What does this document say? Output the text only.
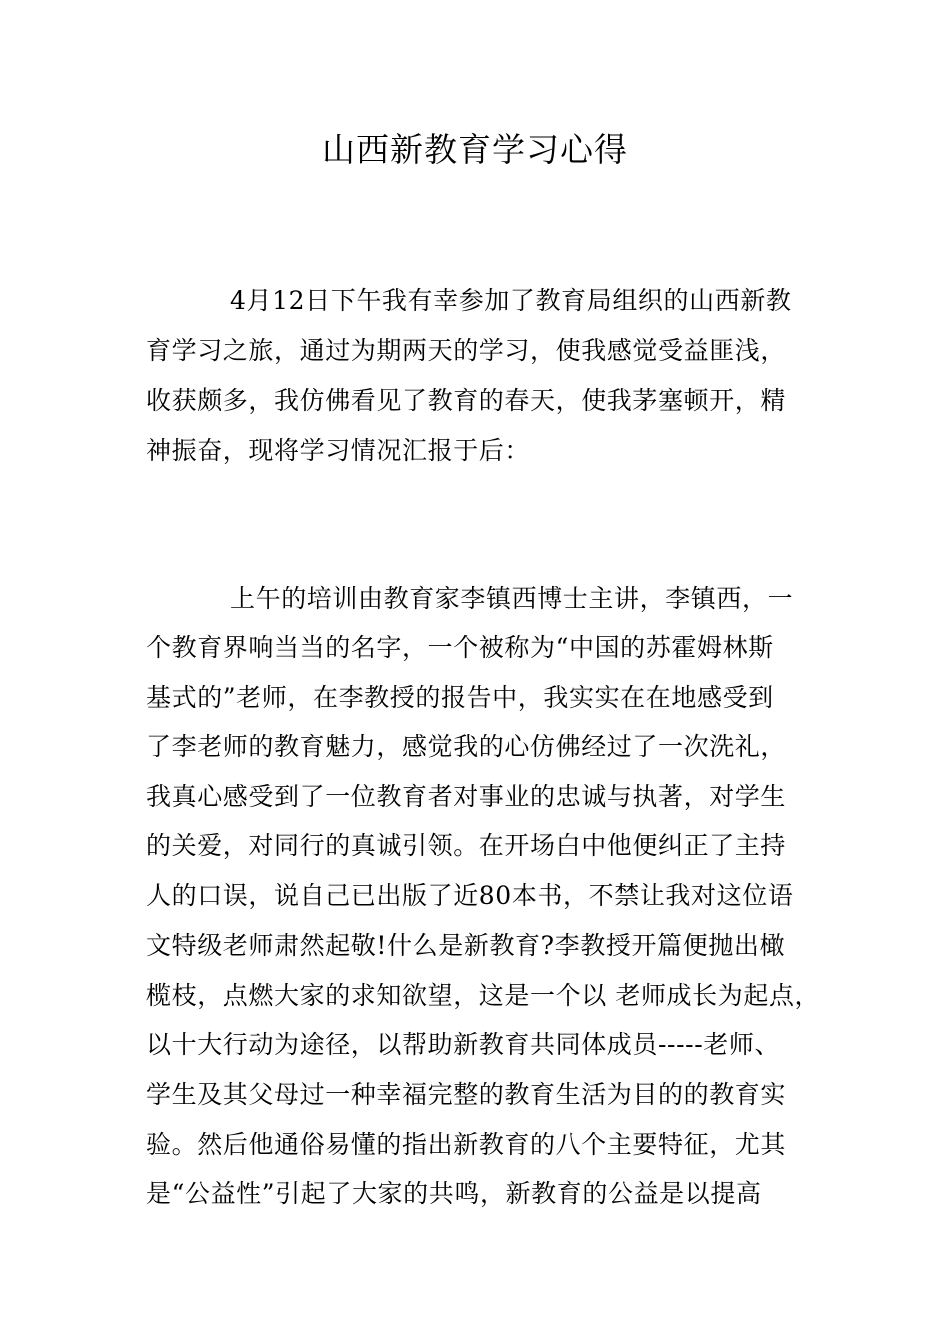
山西新教育学习心得
4月12日下午我有幸参加了教育局组织的山西新教
育学习之旅，通过为期两天的学习，使我感觉受益匪浅，
收获颇多，我仿佛看见了教育的春天，使我茅塞顿开，精
神振奋，现将学习情况汇报于后：
上午的培训由教育家李镇西博士主讲，李镇西，一
个教育界响当当的名字，一个被称为“中国的苏霍姆林斯
基式的”老师，在李教授的报告中，我实实在在地感受到
了李老师的教育魅力，感觉我的心仿佛经过了一次洗礼，
我真心感受到了一位教育者对事业的忠诚与执著，对学生
的关爱，对同行的真诚引领。在开场白中他便纠正了主持
人的口误，说自己已出版了近80本书，不禁让我对这位语
文特级老师肃然起敬!什么是新教育?李教授开篇便抛出橄
榄枝，点燃大家的求知欲望，这是一个以 老师成长为起点，
以十大行动为途径，以帮助新教育共同体成员-----老师、
学生及其父母过一种幸福完整的教育生活为目的的教育实
验。然后他通俗易懂的指出新教育的八个主要特征，尤其
是“公益性”引起了大家的共鸣，新教育的公益是以提高
